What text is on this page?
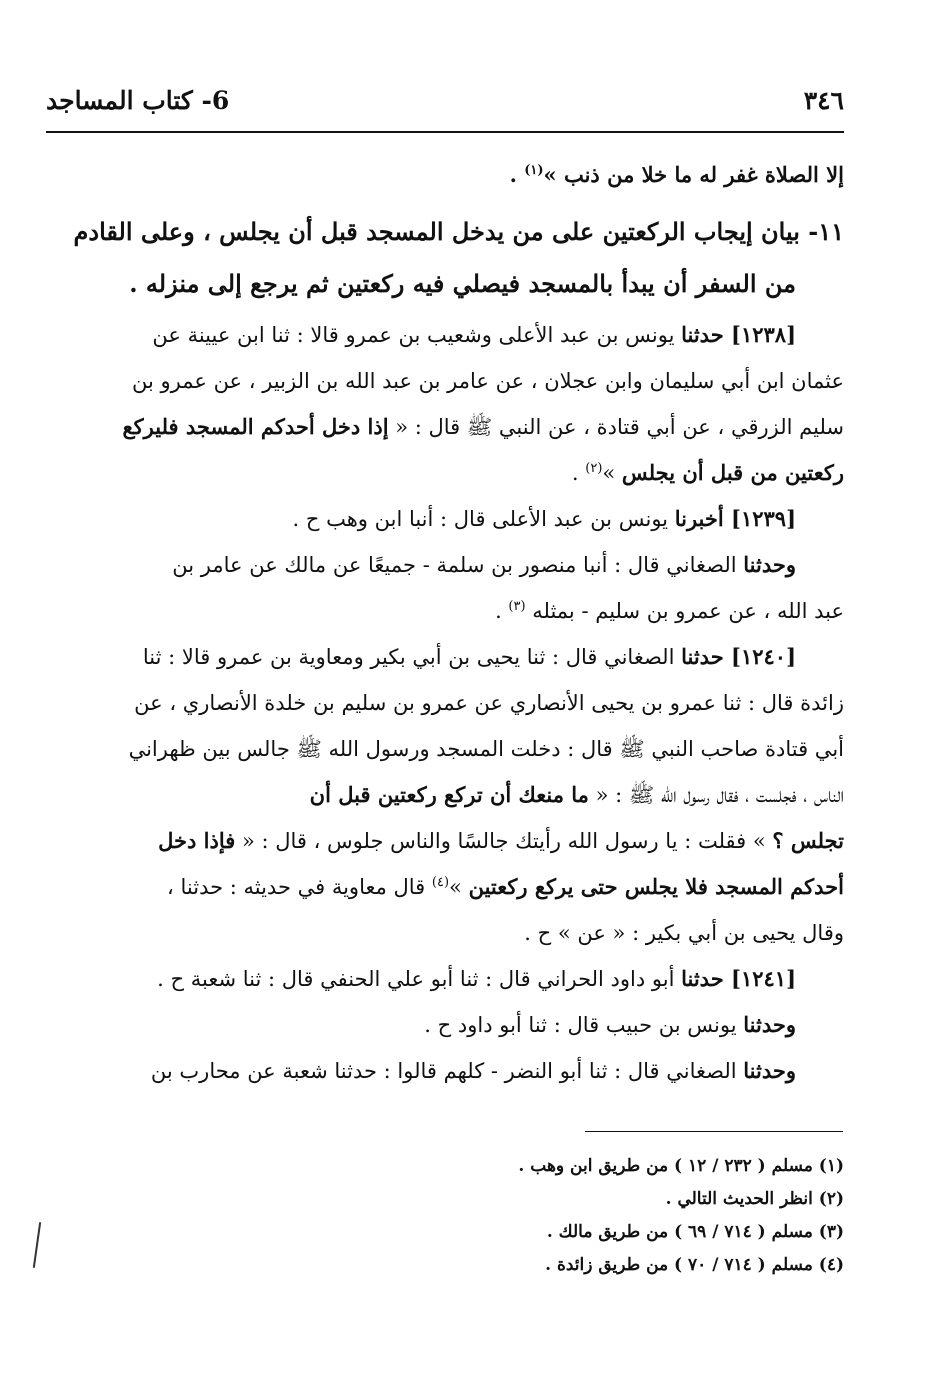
٣٤٦
6- كتاب المساجد
إلا الصلاة غفر له ما خلا من ذنب »$^{(١)}$ .
١١- بيان إيجاب الركعتين على من يدخل المسجد قبل أن يجلس ، وعلى القادم
من السفر أن يبدأ بالمسجد فيصلي فيه ركعتين ثم يرجع إلى منزله .
[١٢٣٨] حدثنا يونس بن عبد الأعلى وشعيب بن عمرو قالا : ثنا ابن عيينة عن
عثمان ابن أبي سليمان وابن عجلان ، عن عامر بن عبد الله بن الزبير ، عن عمرو بن
سليم الزرقي ، عن أبي قتادة ، عن النبي ﷺ قال : « إذا دخل أحدكم المسجد فليركع
ركعتين من قبل أن يجلس »$^{(٢)}$ .
[١٢٣٩] أخبرنا يونس بن عبد الأعلى قال : أنبا ابن وهب ح .
وحدثنا الصغاني قال : أنبا منصور بن سلمة - جميعًا عن مالك عن عامر بن
عبد الله ، عن عمرو بن سليم - بمثله $^{(٣)}$ .
[١٢٤٠] حدثنا الصغاني قال : ثنا يحيى بن أبي بكير ومعاوية بن عمرو قالا : ثنا
زائدة قال : ثنا عمرو بن يحيى الأنصاري عن عمرو بن سليم بن خلدة الأنصاري ، عن
أبي قتادة صاحب النبي ﷺ قال : دخلت المسجد ورسول الله ﷺ جالس بين ظهراني
الناس ، فجلست ، فقال رسول الله ﷺ : « ما منعك أن تركع ركعتين قبل أن
تجلس ؟ » فقلت : يا رسول الله رأيتك جالسًا والناس جلوس ، قال : « فإذا دخل
أحدكم المسجد فلا يجلس حتى يركع ركعتين »$^{(٤)}$ قال معاوية في حديثه : حدثنا ،
وقال يحيى بن أبي بكير : « عن » ح .
[١٢٤١] حدثنا أبو داود الحراني قال : ثنا أبو علي الحنفي قال : ثنا شعبة ح .
وحدثنا يونس بن حبيب قال : ثنا أبو داود ح .
وحدثنا الصغاني قال : ثنا أبو النضر - كلهم قالوا : حدثنا شعبة عن محارب بن
(١) مسلم ( ٢٣٢ / ١٢ ) من طريق ابن وهب .
(٢) انظر الحديث التالي .
(٣) مسلم ( ٧١٤ / ٦٩ ) من طريق مالك .
(٤) مسلم ( ٧١٤ / ٧٠ ) من طريق زائدة .
